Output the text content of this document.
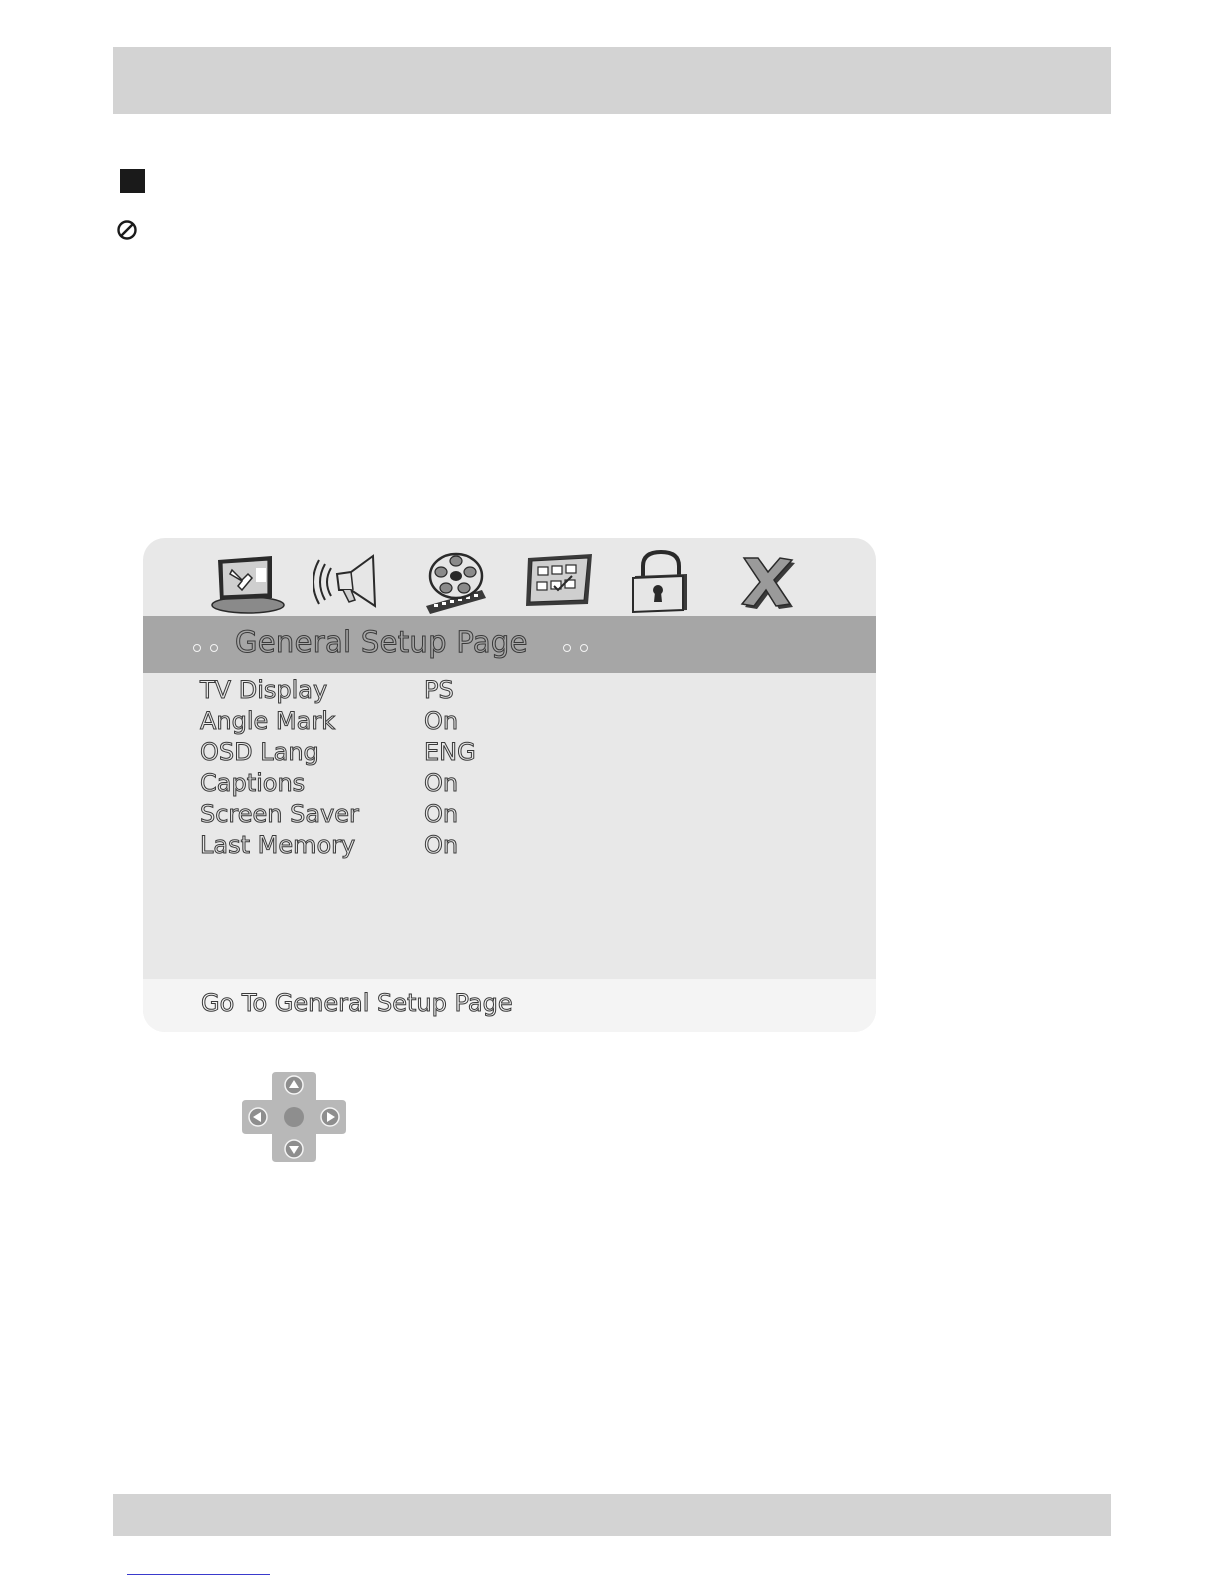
General Setup Page
TV Display	PS
Angle Mark	On
OSD Lang	ENG
Captions	On
Screen Saver	On
Last Memory	On
Go To General Setup Page
